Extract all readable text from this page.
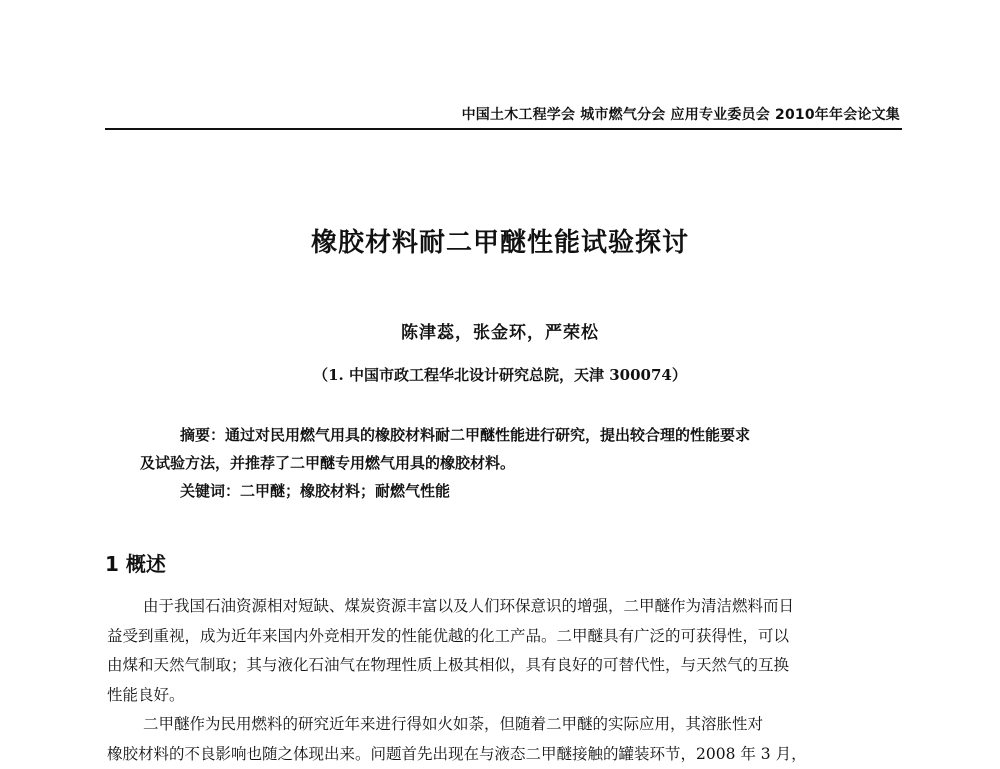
中国土木工程学会 城市燃气分会 应用专业委员会 2010年年会论文集
橡胶材料耐二甲醚性能试验探讨
陈津蕊，张金环，严荣松
（1. 中国市政工程华北设计研究总院，天津 300074）
摘要：通过对民用燃气用具的橡胶材料耐二甲醚性能进行研究，提出较合理的性能要求
及试验方法，并推荐了二甲醚专用燃气用具的橡胶材料。
关键词：二甲醚；橡胶材料；耐燃气性能
1 概述
由于我国石油资源相对短缺、煤炭资源丰富以及人们环保意识的增强，二甲醚作为清洁燃料而日
益受到重视，成为近年来国内外竞相开发的性能优越的化工产品。二甲醚具有广泛的可获得性，可以
由煤和天然气制取；其与液化石油气在物理性质上极其相似，具有良好的可替代性，与天然气的互换
性能良好。
二甲醚作为民用燃料的研究近年来进行得如火如荼，但随着二甲醚的实际应用，其溶胀性对
橡胶材料的不良影响也随之体现出来。问题首先出现在与液态二甲醚接触的罐装环节，2008 年 3 月，
